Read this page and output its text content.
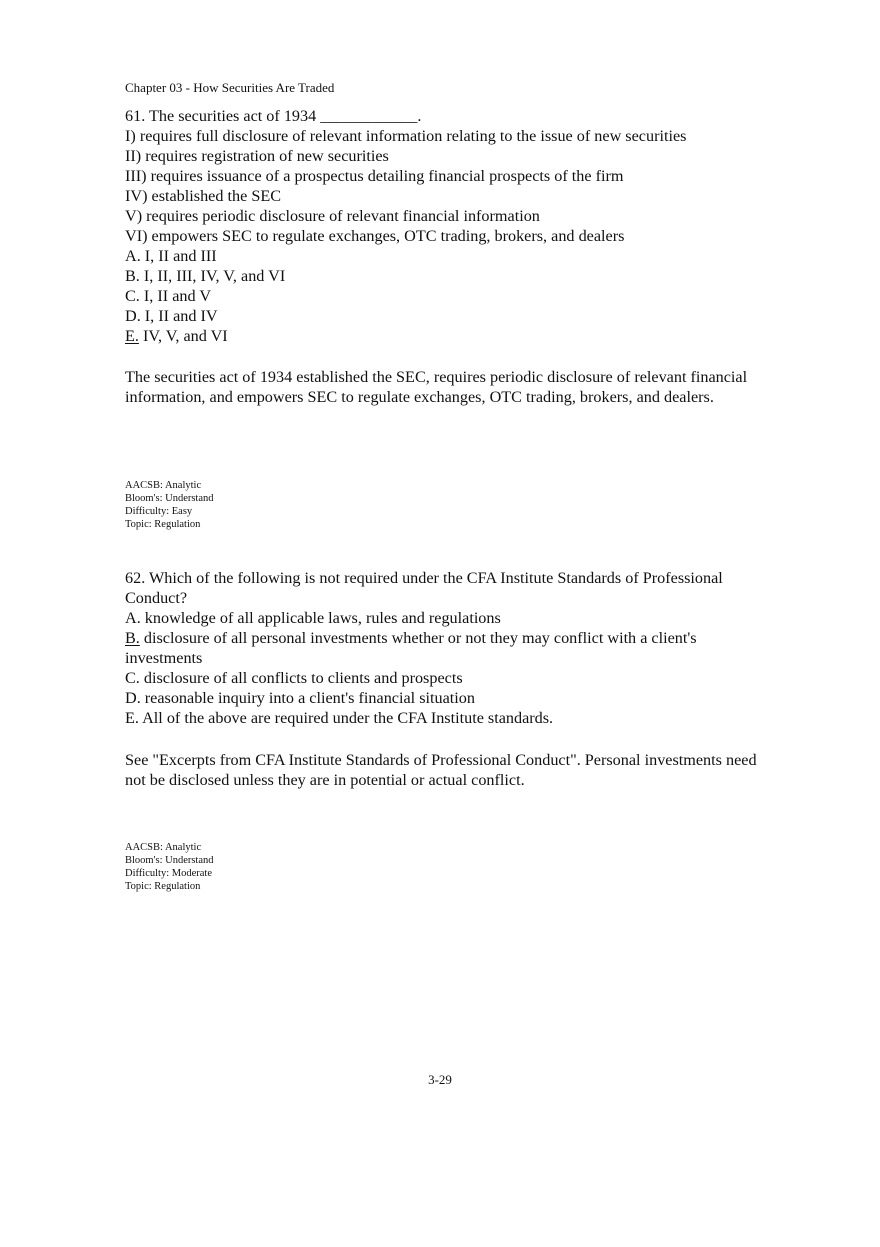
Chapter 03 - How Securities Are Traded
61. The securities act of 1934 ____________.
I) requires full disclosure of relevant information relating to the issue of new securities
II) requires registration of new securities
III) requires issuance of a prospectus detailing financial prospects of the firm
IV) established the SEC
V) requires periodic disclosure of relevant financial information
VI) empowers SEC to regulate exchanges, OTC trading, brokers, and dealers
A. I, II and III
B. I, II, III, IV, V, and VI
C. I, II and V
D. I, II and IV
E. IV, V, and VI
The securities act of 1934 established the SEC, requires periodic disclosure of relevant financial information, and empowers SEC to regulate exchanges, OTC trading, brokers, and dealers.
AACSB: Analytic
Bloom's: Understand
Difficulty: Easy
Topic: Regulation
62. Which of the following is not required under the CFA Institute Standards of Professional Conduct?
A. knowledge of all applicable laws, rules and regulations
B. disclosure of all personal investments whether or not they may conflict with a client's investments
C. disclosure of all conflicts to clients and prospects
D. reasonable inquiry into a client's financial situation
E. All of the above are required under the CFA Institute standards.
See "Excerpts from CFA Institute Standards of Professional Conduct". Personal investments need not be disclosed unless they are in potential or actual conflict.
AACSB: Analytic
Bloom's: Understand
Difficulty: Moderate
Topic: Regulation
3-29
